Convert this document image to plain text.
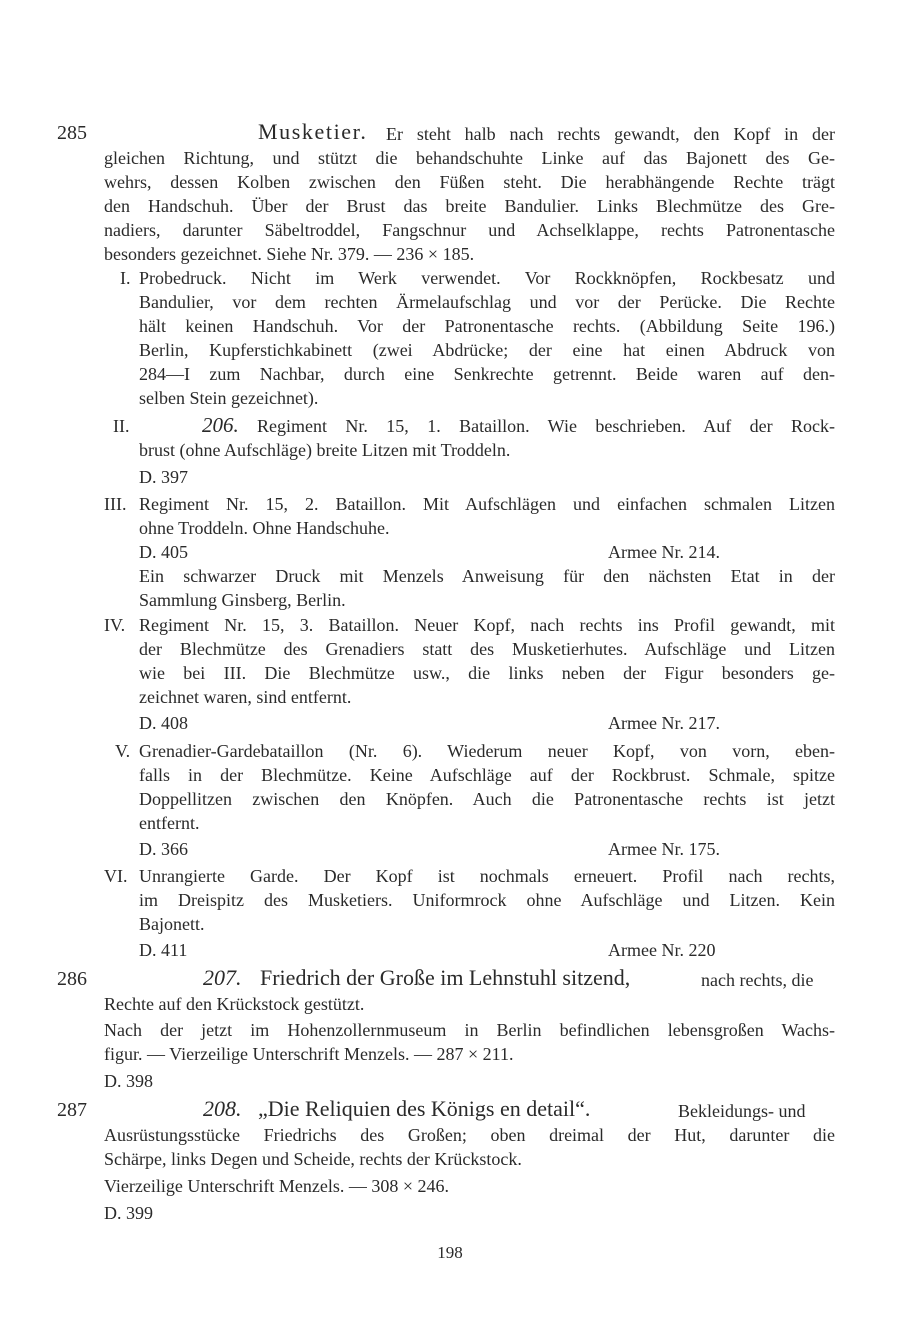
285	Musketier. Er steht halb nach rechts gewandt, den Kopf in der
gleichen Richtung, und stützt die behandschuhte Linke auf das Bajonett des Ge-
wehrs, dessen Kolben zwischen den Füßen steht. Die herabhängende Rechte trägt
den Handschuh. Über der Brust das breite Bandulier. Links Blechmütze des Gre-
nadiers, darunter Säbeltroddel, Fangschnur und Achselklappe, rechts Patronentasche
besonders gezeichnet. Siehe Nr. 379. — 236 × 185.
I. Probedruck. Nicht im Werk verwendet. Vor Rockknöpfen, Rockbesatz und
Bandulier, vor dem rechten Ärmelaufschlag und vor der Perücke. Die Rechte
hält keinen Handschuh. Vor der Patronentasche rechts. (Abbildung Seite 196.)
Berlin, Kupferstichkabinett (zwei Abdrücke; der eine hat einen Abdruck von
284—I zum Nachbar, durch eine Senkrechte getrennt. Beide waren auf den-
selben Stein gezeichnet).
II.	206. Regiment Nr. 15, 1. Bataillon. Wie beschrieben. Auf der Rock-
brust (ohne Aufschläge) breite Litzen mit Troddeln.
D. 397
III. Regiment Nr. 15, 2. Bataillon. Mit Aufschlägen und einfachen schmalen Litzen
ohne Troddeln. Ohne Handschuhe.
D. 405	Armee Nr. 214.
Ein schwarzer Druck mit Menzels Anweisung für den nächsten Etat in der
Sammlung Ginsberg, Berlin.
IV. Regiment Nr. 15, 3. Bataillon. Neuer Kopf, nach rechts ins Profil gewandt, mit
der Blechmütze des Grenadiers statt des Musketierhutes. Aufschläge und Litzen
wie bei III. Die Blechmütze usw., die links neben der Figur besonders ge-
zeichnet waren, sind entfernt.
D. 408	Armee Nr. 217.
V. Grenadier-Gardebataillon (Nr. 6). Wiederum neuer Kopf, von vorn, eben-
falls in der Blechmütze. Keine Aufschläge auf der Rockbrust. Schmale, spitze
Doppellitzen zwischen den Knöpfen. Auch die Patronentasche rechts ist jetzt
entfernt.
D. 366	Armee Nr. 175.
VI. Unrangierte Garde. Der Kopf ist nochmals erneuert. Profil nach rechts,
im Dreispitz des Musketiers. Uniformrock ohne Aufschläge und Litzen. Kein
Bajonett.
D. 411	Armee Nr. 220
286	207. Friedrich der Große im Lehnstuhl sitzend,	nach rechts, die
Rechte auf den Krückstock gestützt.
Nach der jetzt im Hohenzollernmuseum in Berlin befindlichen lebensgroßen Wachs-
figur. — Vierzeilige Unterschrift Menzels. — 287 × 211.
D. 398
287	208. „Die Reliquien des Königs en detail“.	Bekleidungs- und
Ausrüstungsstücke Friedrichs des Großen; oben dreimal der Hut, darunter die
Schärpe, links Degen und Scheide, rechts der Krückstock.
Vierzeilige Unterschrift Menzels. — 308 × 246.
D. 399
198
